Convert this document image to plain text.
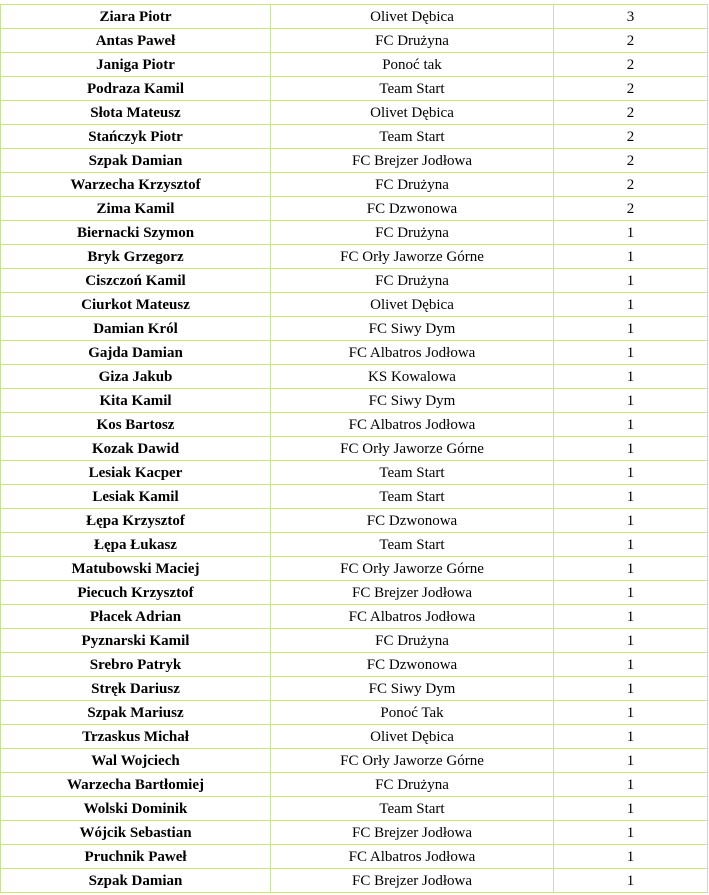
Ziara Piotr	Olivet Dębica	3
Antas Paweł	FC Drużyna	2
Janiga Piotr	Ponoć tak	2
Podraza Kamil	Team Start	2
Słota Mateusz	Olivet Dębica	2
Stańczyk Piotr	Team Start	2
Szpak Damian	FC Brejzer Jodłowa	2
Warzecha Krzysztof	FC Drużyna	2
Zima Kamil	FC Dzwonowa	2
Biernacki Szymon	FC Drużyna	1
Bryk Grzegorz	FC Orły Jaworze Górne	1
Ciszczoń Kamil	FC Drużyna	1
Ciurkot Mateusz	Olivet Dębica	1
Damian Król	FC Siwy Dym	1
Gajda Damian	FC Albatros Jodłowa	1
Giza Jakub	KS Kowalowa	1
Kita Kamil	FC Siwy Dym	1
Kos Bartosz	FC Albatros Jodłowa	1
Kozak Dawid	FC Orły Jaworze Górne	1
Lesiak Kacper	Team Start	1
Lesiak Kamil	Team Start	1
Łępa Krzysztof	FC Dzwonowa	1
Łępa Łukasz	Team Start	1
Matubowski Maciej	FC Orły Jaworze Górne	1
Piecuch Krzysztof	FC Brejzer Jodłowa	1
Płacek Adrian	FC Albatros Jodłowa	1
Pyznarski Kamil	FC Drużyna	1
Srebro Patryk	FC Dzwonowa	1
Stręk Dariusz	FC Siwy Dym	1
Szpak Mariusz	Ponoć Tak	1
Trzaskus Michał	Olivet Dębica	1
Wal Wojciech	FC Orły Jaworze Górne	1
Warzecha Bartłomiej	FC Drużyna	1
Wolski Dominik	Team Start	1
Wójcik Sebastian	FC Brejzer Jodłowa	1
Pruchnik Paweł	FC Albatros Jodłowa	1
Szpak Damian	FC Brejzer Jodłowa	1
